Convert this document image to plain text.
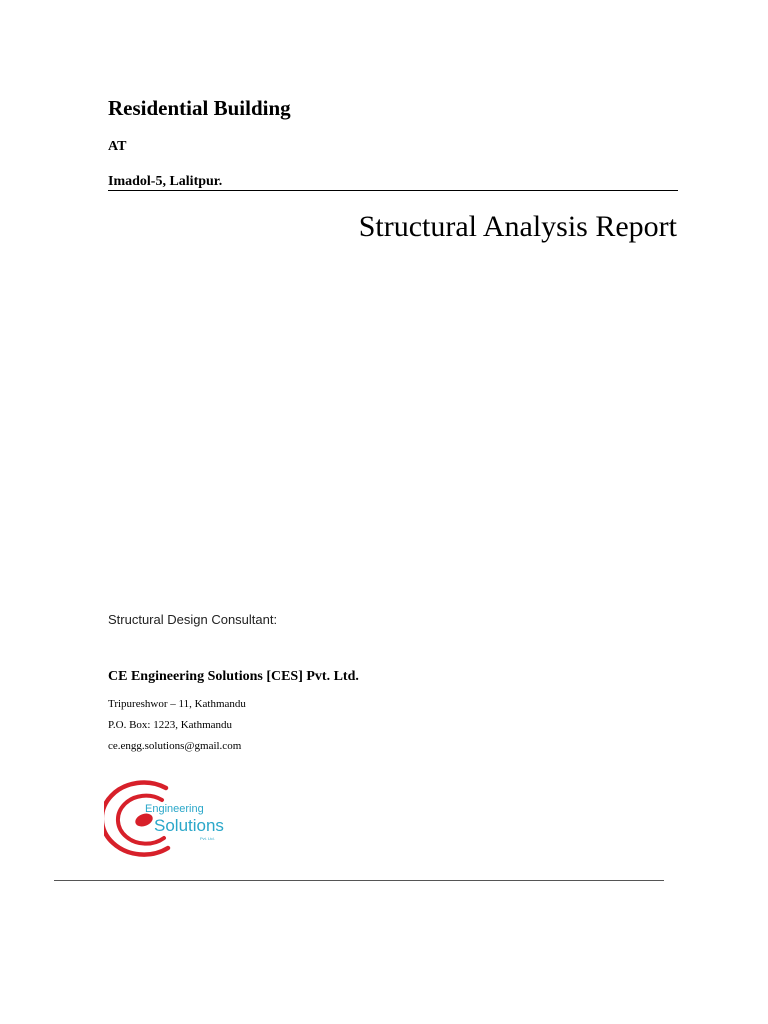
Residential Building
AT
Imadol-5, Lalitpur.
Structural Analysis Report
Structural Design Consultant:
CE Engineering Solutions [CES] Pvt. Ltd.
Tripureshwor – 11, Kathmandu
P.O. Box: 1223, Kathmandu
ce.engg.solutions@gmail.com
Engineering
Solutions
Pvt. Ltd.
